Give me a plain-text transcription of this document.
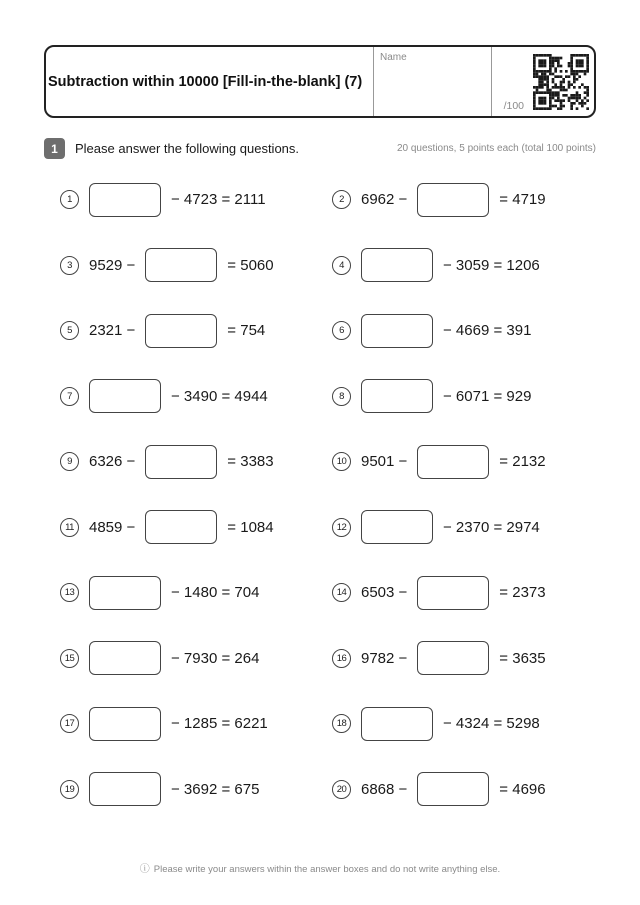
Subtraction within 10000 [Fill-in-the-blank] (7)
Name
/100
1	Please answer the following questions.	20 questions, 5 points each (total 100 points)
1	− 4723 = 2111	2	6962 −	= 4719
3	9529 −	= 5060	4	− 3059 = 1206
5	2321 −	= 754	6	− 4669 = 391
7	− 3490 = 4944	8	− 6071 = 929
9	6326 −	= 3383	10 9501 −	= 2132
11	4859 −	= 1084	12	− 2370 = 2974
13	− 1480 = 704	14 6503 −	= 2373
15	− 7930 = 264	16 9782 −	= 3635
17	− 1285 = 6221	18	− 4324 = 5298
19	− 3692 = 675	20 6868 −	= 4696
ⓘ Please write your answers within the answer boxes and do not write anything else.
